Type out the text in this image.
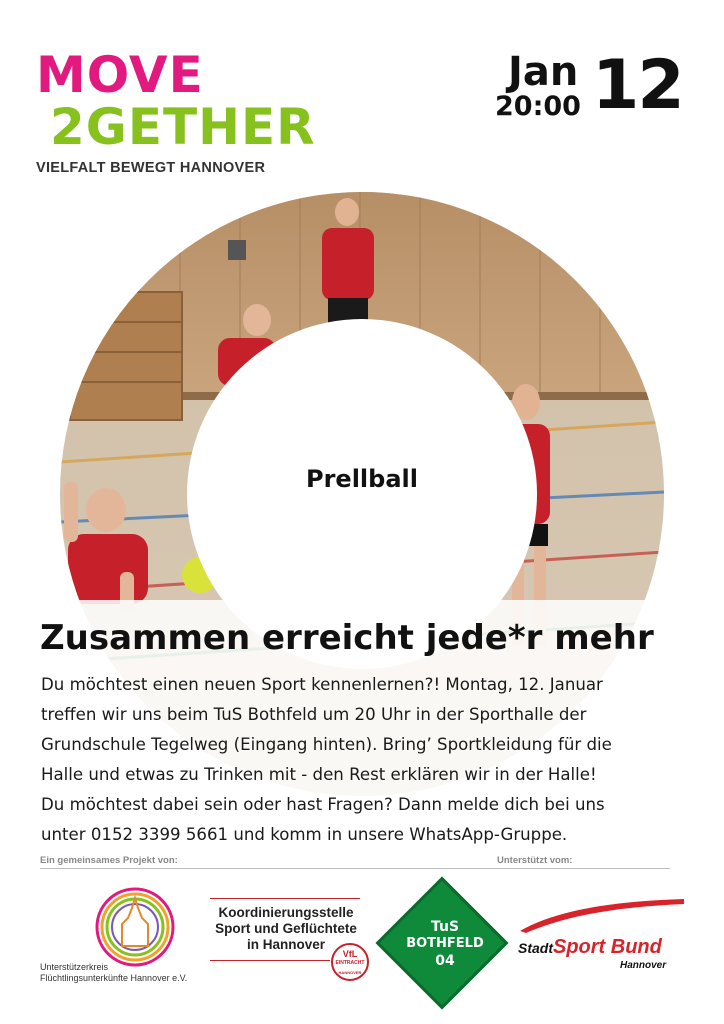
MOVE
2GETHER
VIELFALT BEWEGT HANNOVER
Jan
20:00 12
Prellball
Zusammen erreicht jede*r mehr
Du möchtest einen neuen Sport kennenlernen?! Montag, 12. Januar
treffen wir uns beim TuS Bothfeld um 20 Uhr in der Sporthalle der
Grundschule Tegelweg (Eingang hinten). Bring’ Sportkleidung für die
Halle und etwas zu Trinken mit - den Rest erklären wir in der Halle!
Du möchtest dabei sein oder hast Fragen? Dann melde dich bei uns
unter 0152 3399 5661 und komm in unsere WhatsApp-Gruppe.
Ein gemeinsames Projekt von:	Unterstützt vom:
Unterstützerkreis
Flüchtlingsunterkünfte Hannover e.V.
Koordinierungsstelle
Sport und Geflüchtete
in Hannover
VfL
EINTRACHT
HANNOVER
TuS
BOTHFELD
04
StadtSport Bund
Hannover
